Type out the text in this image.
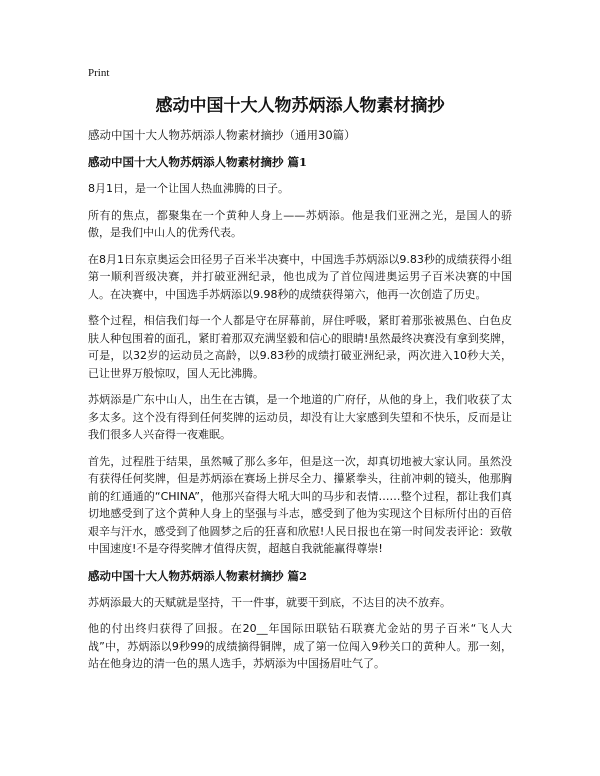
Print
感动中国十大人物苏炳添人物素材摘抄
感动中国十大人物苏炳添人物素材摘抄（通用30篇）
感动中国十大人物苏炳添人物素材摘抄 篇1

8月1日，是一个让国人热血沸腾的日子。

所有的焦点，都聚集在一个黄种人身上——苏炳添。他是我们亚洲之光，是国人的骄傲，是我们中山人的优秀代表。

在8月1日东京奥运会田径男子百米半决赛中，中国选手苏炳添以9.83秒的成绩获得小组第一顺利晋级决赛，并打破亚洲纪录，他也成为了首位闯进奥运男子百米决赛的中国人。在决赛中，中国选手苏炳添以9.98秒的成绩获得第六，他再一次创造了历史。

整个过程，相信我们每一个人都是守在屏幕前，屏住呼吸，紧盯着那张被黑色、白色皮肤人种包围着的面孔，紧盯着那双充满坚毅和信心的眼睛!虽然最终决赛没有拿到奖牌，可是，以32岁的运动员之高龄，以9.83秒的成绩打破亚洲纪录，两次进入10秒大关，已让世界万般惊叹，国人无比沸腾。

苏炳添是广东中山人，出生在古镇，是一个地道的广府仔，从他的身上，我们收获了太多太多。这个没有得到任何奖牌的运动员，却没有让大家感到失望和不快乐，反而是让我们很多人兴奋得一夜难眠。

首先，过程胜于结果，虽然喊了那么多年，但是这一次，却真切地被大家认同。虽然没有获得任何奖牌，但是苏炳添在赛场上拼尽全力、攥紧拳头，往前冲刺的镜头，他那胸前的红通通的“CHINA”，他那兴奋得大吼大叫的马步和表情……整个过程，都让我们真切地感受到了这个黄种人身上的坚强与斗志，感受到了他为实现这个目标所付出的百倍艰辛与汗水，感受到了他圆梦之后的狂喜和欣慰!人民日报也在第一时间发表评论：致敬中国速度!不是夺得奖牌才值得庆贺，超越自我就能赢得尊崇!

感动中国十大人物苏炳添人物素材摘抄 篇2

苏炳添最大的天赋就是坚持，干一件事，就要干到底，不达目的决不放弃。

他的付出终归获得了回报。在20__年国际田联钻石联赛尤金站的男子百米“飞人大战”中，苏炳添以9秒99的成绩摘得铜牌，成了第一位闯入9秒关口的黄种人。那一刻，站在他身边的清一色的黑人选手，苏炳添为中国扬眉吐气了。
